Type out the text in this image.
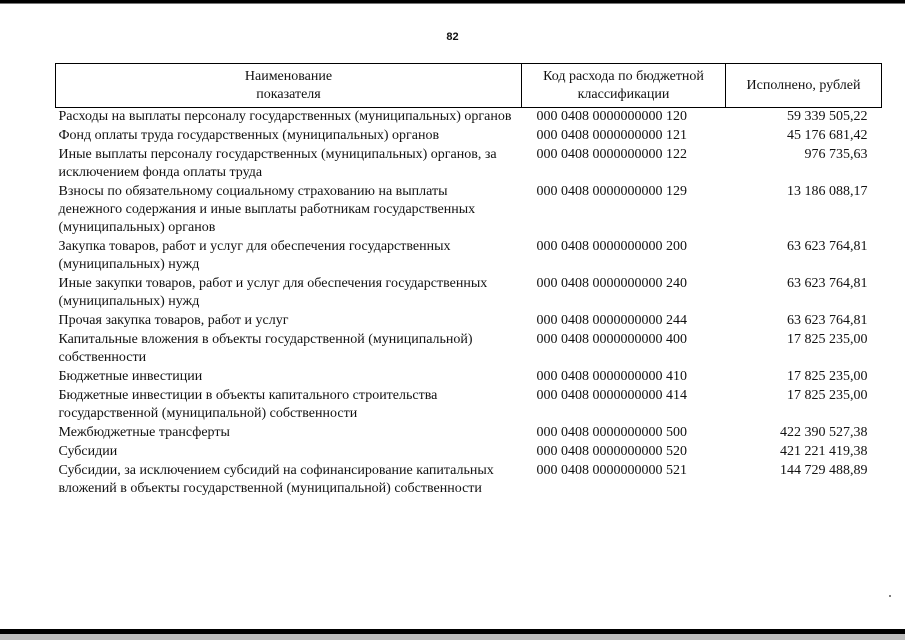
82
Наименование
показателя	Код расхода по бюджетной классификации	Исполнено, рублей
Расходы на выплаты персоналу государственных (муниципальных) органов	000 0408 0000000000 120	59 339 505,22
Фонд оплаты труда государственных (муниципальных) органов	000 0408 0000000000 121	45 176 681,42
Иные выплаты персоналу государственных (муниципальных) органов, за исключением фонда оплаты труда	000 0408 0000000000 122	976 735,63
Взносы по обязательному социальному страхованию на выплаты денежного содержания и иные выплаты работникам государственных (муниципальных) органов	000 0408 0000000000 129	13 186 088,17
Закупка товаров, работ и услуг для обеспечения государственных (муниципальных) нужд	000 0408 0000000000 200	63 623 764,81
Иные закупки товаров, работ и услуг для обеспечения государственных (муниципальных) нужд	000 0408 0000000000 240	63 623 764,81
Прочая закупка товаров, работ и услуг	000 0408 0000000000 244	63 623 764,81
Капитальные вложения в объекты государственной (муниципальной) собственности	000 0408 0000000000 400	17 825 235,00
Бюджетные инвестиции	000 0408 0000000000 410	17 825 235,00
Бюджетные инвестиции в объекты капитального строительства государственной (муниципальной) собственности	000 0408 0000000000 414	17 825 235,00
Межбюджетные трансферты	000 0408 0000000000 500	422 390 527,38
Субсидии	000 0408 0000000000 520	421 221 419,38
Субсидии, за исключением субсидий на софинансирование капитальных вложений в объекты государственной (муниципальной) собственности	000 0408 0000000000 521	144 729 488,89
